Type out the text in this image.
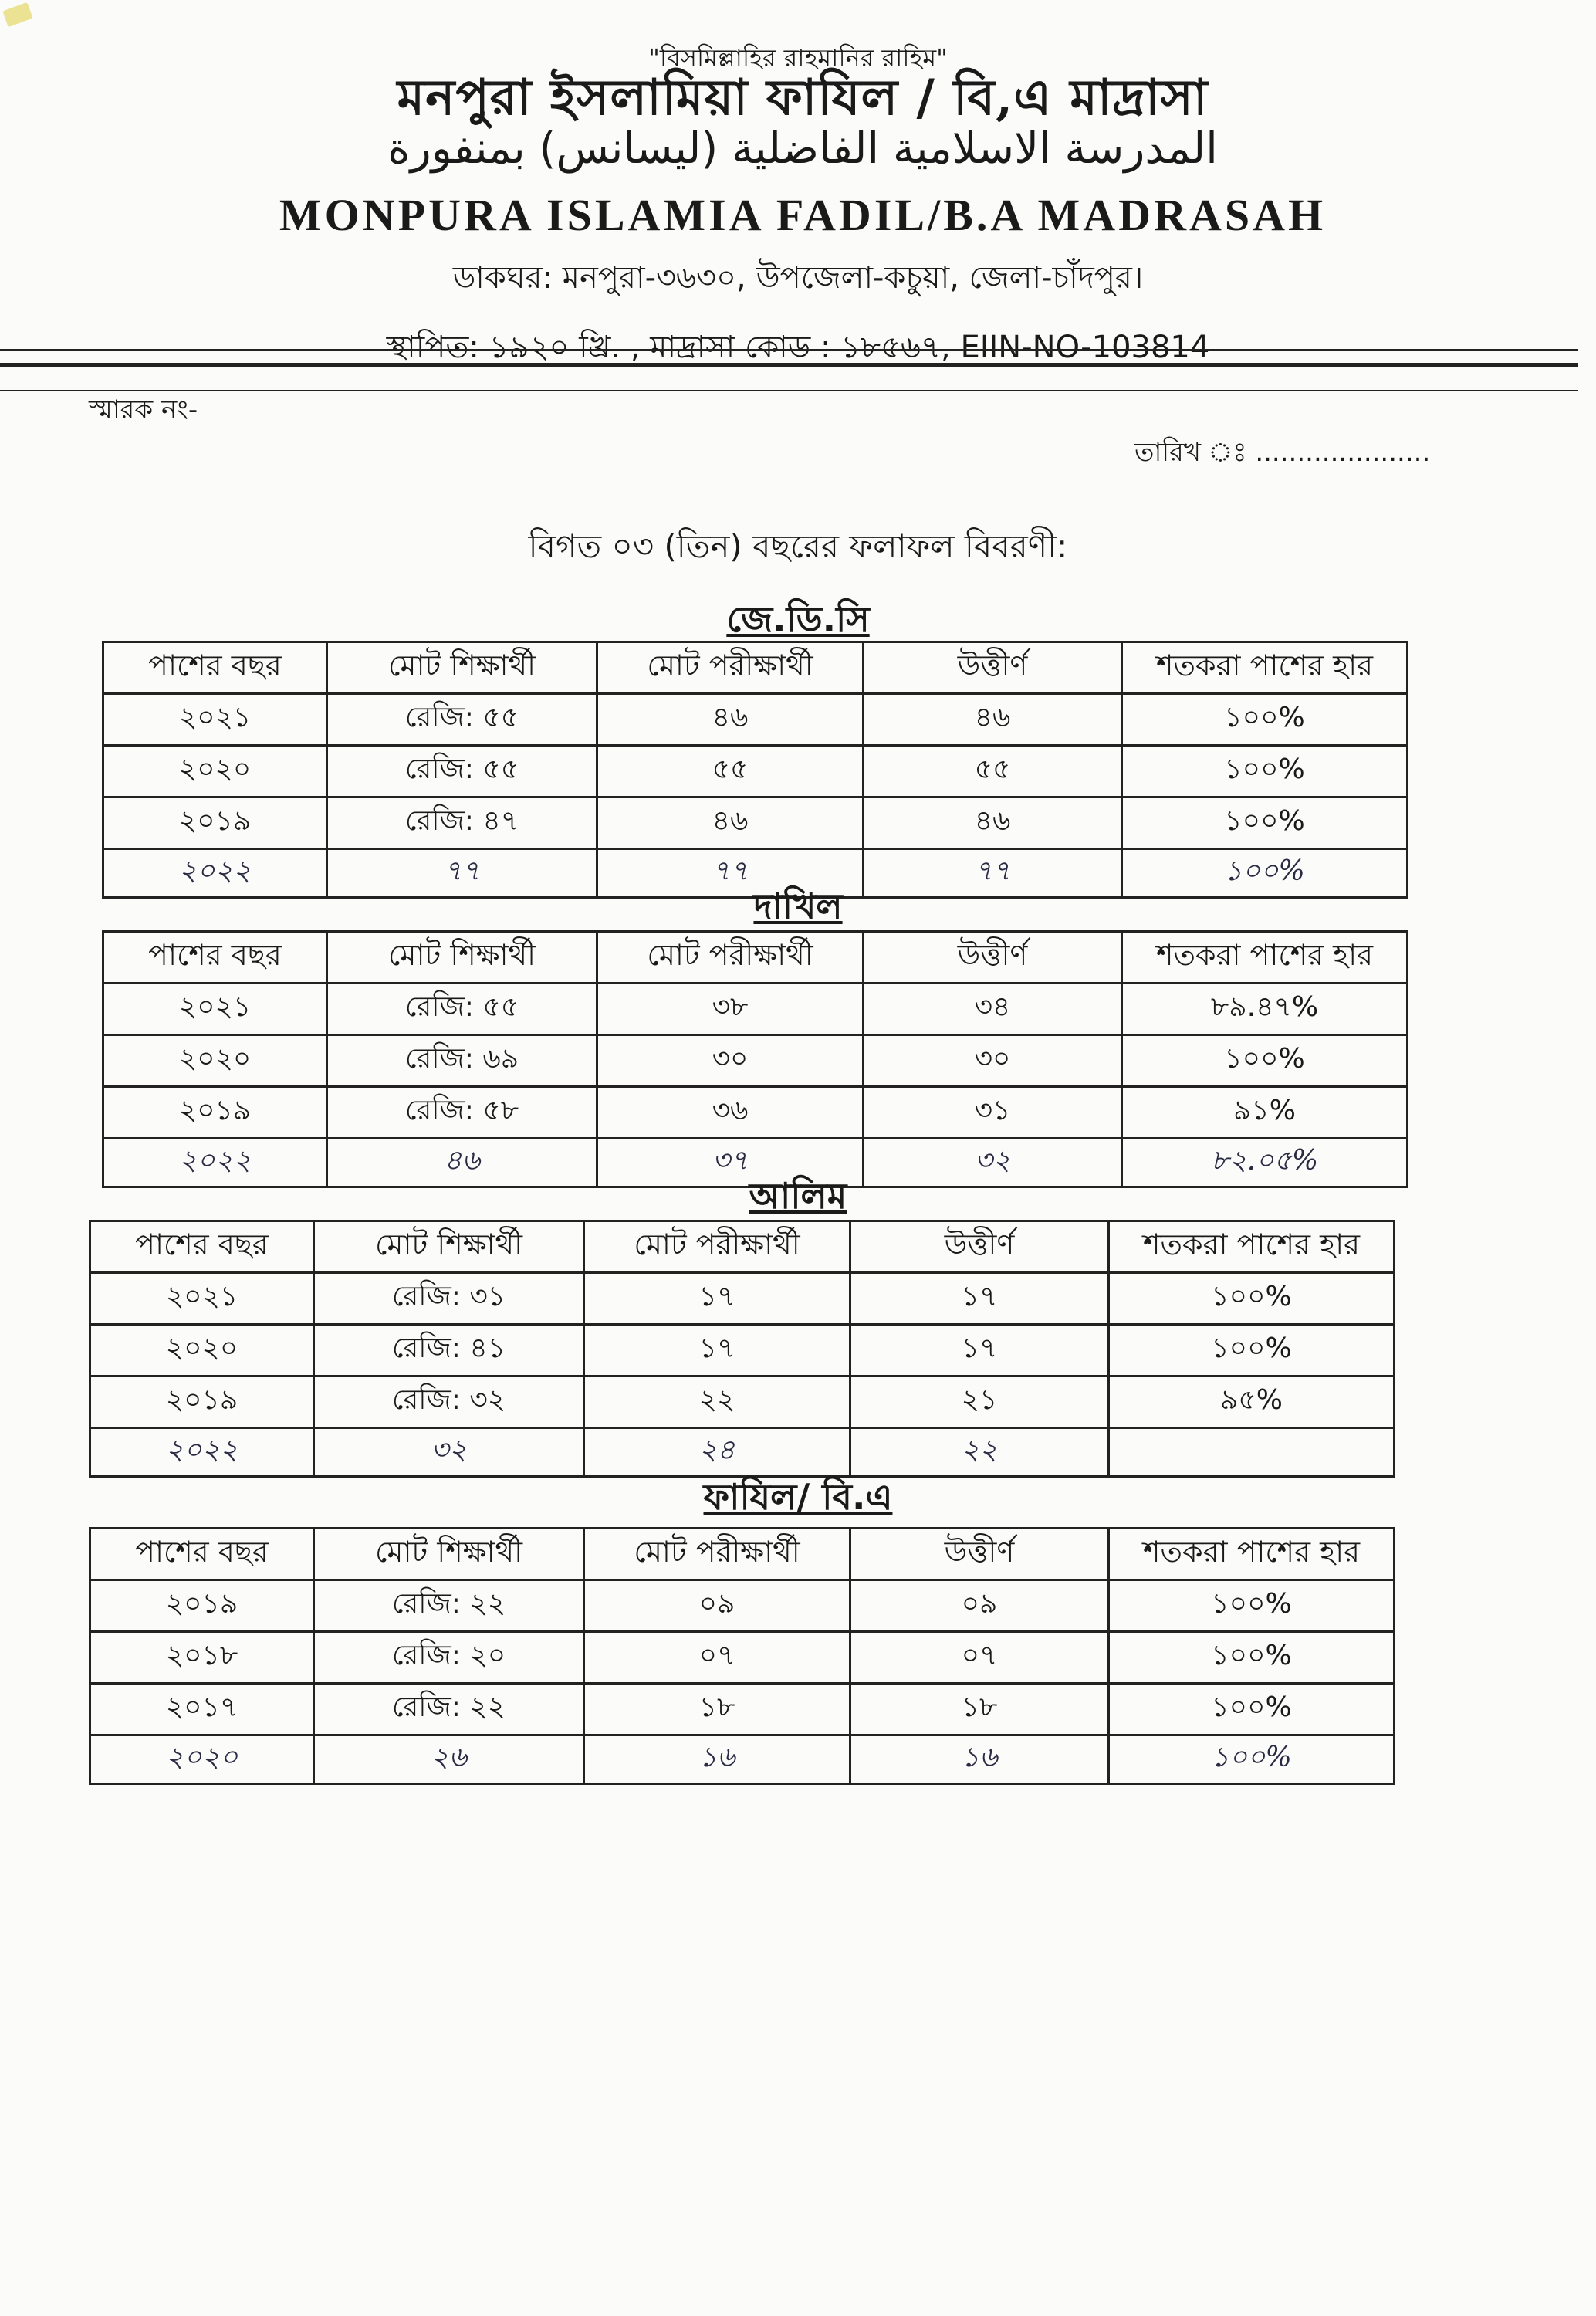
"বিসমিল্লাহির রাহমানির রাহিম"
মনপুরা ইসলামিয়া ফাযিল / বি,এ মাদ্রাসা
المدرسة الاسلامية الفاضلية (ليسانس) بمنفورة
MONPURA ISLAMIA FADIL/B.A MADRASAH
ডাকঘর: মনপুরা-৩৬৩০, উপজেলা-কচুয়া, জেলা-চাঁদপুর।
স্থাপিত: ১৯২০ খ্রি. , মাদ্রাসা কোড : ১৮৫৬৭, EIIN-NO-103814
স্মারক নং-
তারিখ ঃ .....................
বিগত ০৩ (তিন) বছরের ফলাফল বিবরণী:
জে.ডি.সি
পাশের বছর	মোট শিক্ষার্থী	মোট পরীক্ষার্থী	উত্তীর্ণ	শতকরা পাশের হার
২০২১	রেজি: ৫৫	৪৬	৪৬	১০০%
২০২০	রেজি: ৫৫	৫৫	৫৫	১০০%
২০১৯	রেজি: ৪৭	৪৬	৪৬	১০০%
২০২২	৭৭	৭৭	৭৭	১০০%
দাখিল
পাশের বছর	মোট শিক্ষার্থী	মোট পরীক্ষার্থী	উত্তীর্ণ	শতকরা পাশের হার
২০২১	রেজি: ৫৫	৩৮	৩৪	৮৯.৪৭%
২০২০	রেজি: ৬৯	৩০	৩০	১০০%
২০১৯	রেজি: ৫৮	৩৬	৩১	৯১%
২০২২	৪৬	৩৭	৩২	৮২.০৫%
আলিম
পাশের বছর	মোট শিক্ষার্থী	মোট পরীক্ষার্থী	উত্তীর্ণ	শতকরা পাশের হার
২০২১	রেজি: ৩১	১৭	১৭	১০০%
২০২০	রেজি: ৪১	১৭	১৭	১০০%
২০১৯	রেজি: ৩২	২২	২১	৯৫%
২০২২	৩২	২৪	২২	
ফাযিল/ বি.এ
পাশের বছর	মোট শিক্ষার্থী	মোট পরীক্ষার্থী	উত্তীর্ণ	শতকরা পাশের হার
২০১৯	রেজি: ২২	০৯	০৯	১০০%
২০১৮	রেজি: ২০	০৭	০৭	১০০%
২০১৭	রেজি: ২২	১৮	১৮	১০০%
২০২০	২৬	১৬	১৬	১০০%
